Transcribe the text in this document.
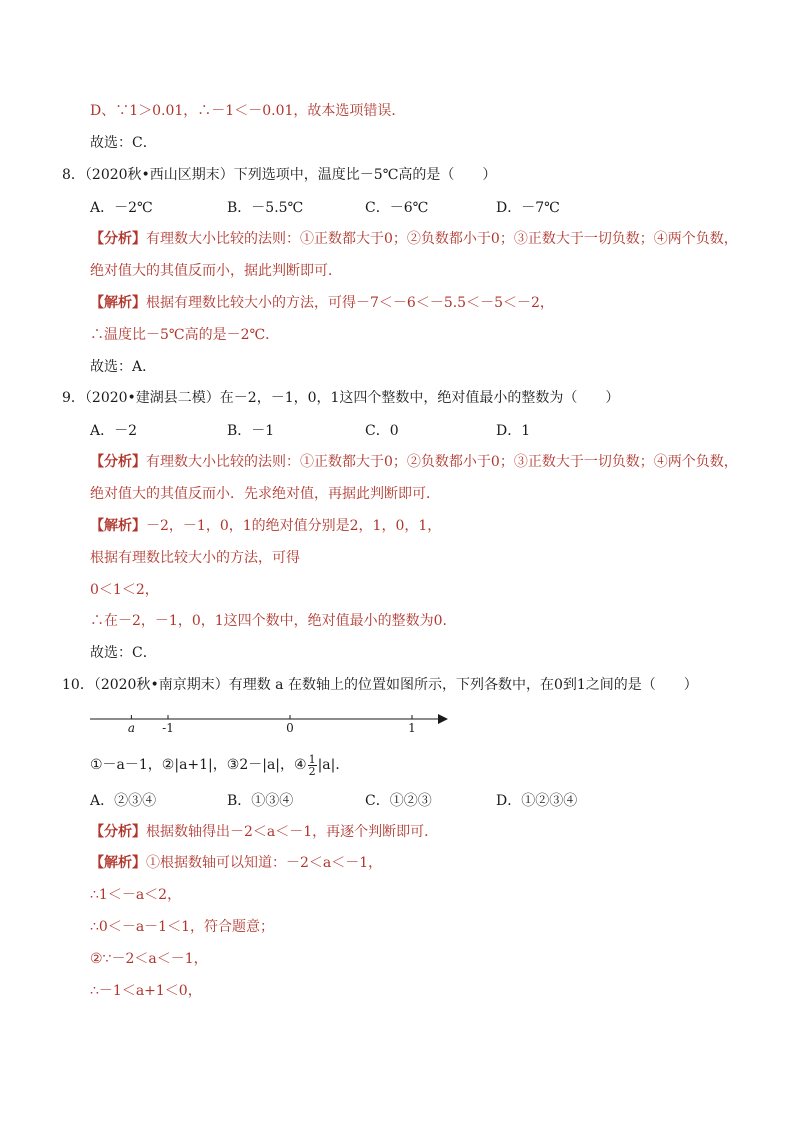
D、∵1＞0.01，∴－1＜－0.01，故本选项错误．
故选：C．
8．（2020秋•西山区期末）下列选项中，温度比－5℃高的是（　　）
A．－2℃	B．－5.5℃	C．－6℃	D．－7℃
【分析】有理数大小比较的法则：①正数都大于0；②负数都小于0；③正数大于一切负数；④两个负数，
绝对值大的其值反而小，据此判断即可．
【解析】根据有理数比较大小的方法，可得－7＜－6＜－5.5＜－5＜－2，
∴温度比－5℃高的是－2℃．
故选：A．
9．（2020•建湖县二模）在－2，－1，0，1这四个整数中，绝对值最小的整数为（　　）
A．－2	B．－1	C．0	D．1
【分析】有理数大小比较的法则：①正数都大于0；②负数都小于0；③正数大于一切负数；④两个负数，
绝对值大的其值反而小．先求绝对值，再据此判断即可．
【解析】－2，－1，0，1的绝对值分别是2，1，0，1，
根据有理数比较大小的方法，可得
0＜1＜2，
∴在－2，－1，0，1这四个数中，绝对值最小的整数为0．
故选：C．
10．（2020秋•南京期末）有理数 a 在数轴上的位置如图所示，下列各数中，在0到1之间的是（　　）
a -1	0	1
①－a－1，②|a+1|，③2－|a|，④ $\frac{1}{2} |a|$．
A．②③④	B．①③④	C．①②③	D．①②③④
【分析】根据数轴得出－2＜a＜－1，再逐个判断即可．
【解析】①根据数轴可以知道：－2＜a＜－1，
∴1＜－a＜2，
∴0＜－a－1＜1，符合题意；
②∵－2＜a＜－1，
∴－1＜a+1＜0，
